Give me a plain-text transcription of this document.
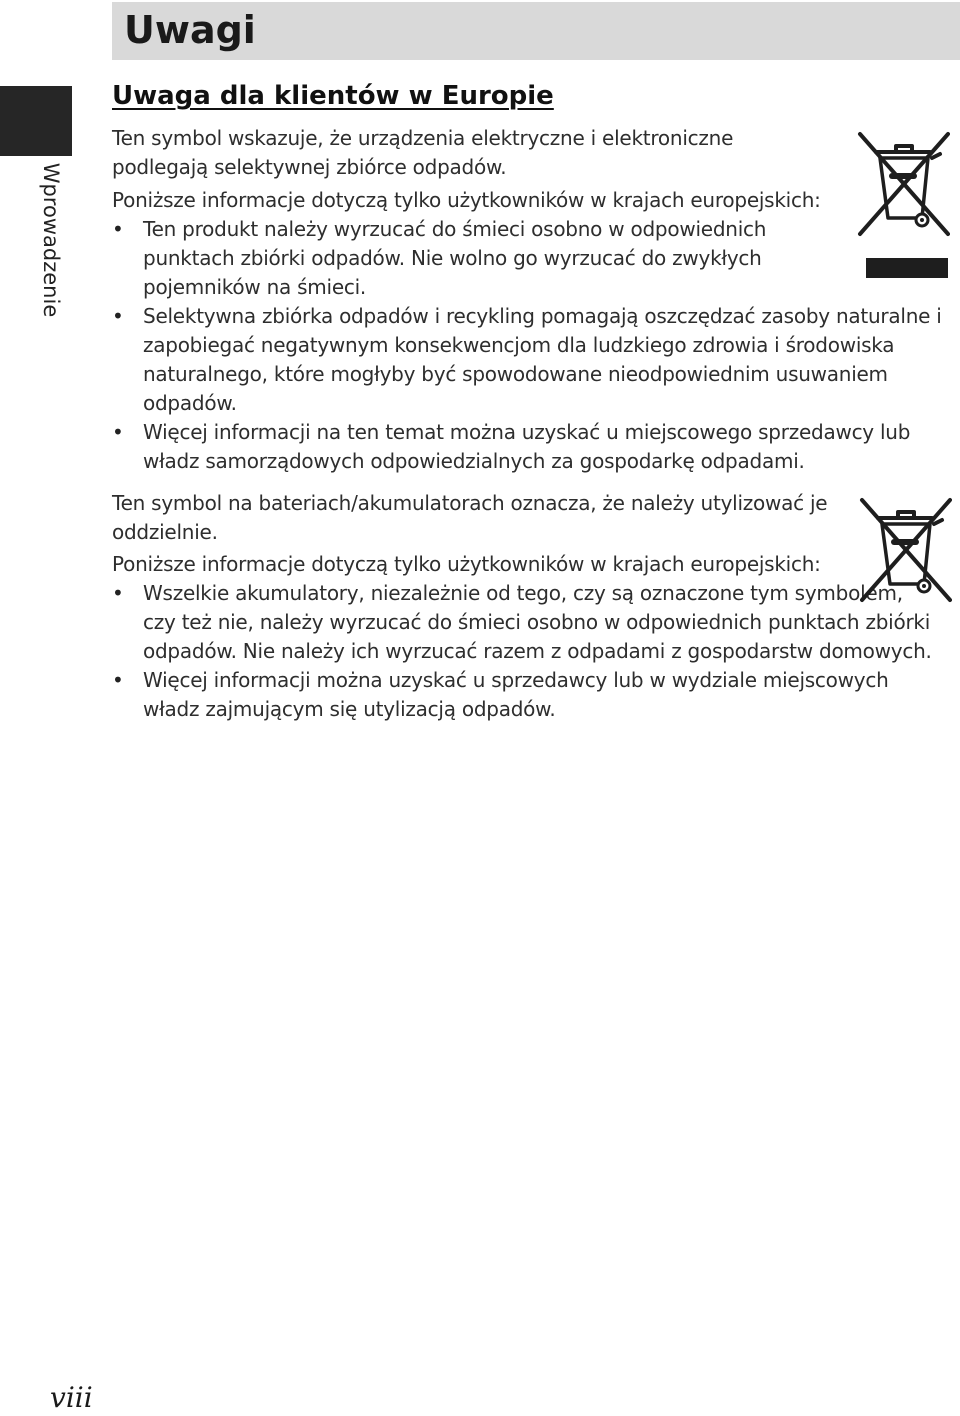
Uwagi
Wprowadzenie
Uwaga dla klientów w Europie

Ten symbol wskazuje, że urządzenia elektryczne i elektroniczne podlegają selektywnej zbiórce odpadów.

Poniższe informacje dotyczą tylko użytkowników w krajach europejskich:

• Ten produkt należy wyrzucać do śmieci osobno w odpowiednich punktach zbiórki odpadów. Nie wolno go wyrzucać do zwykłych pojemników na śmieci.
• Selektywna zbiórka odpadów i recykling pomagają oszczędzać zasoby naturalne i zapobiegać negatywnym konsekwencjom dla ludzkiego zdrowia i środowiska naturalnego, które mogłyby być spowodowane nieodpowiednim usuwaniem odpadów.
• Więcej informacji na ten temat można uzyskać u miejscowego sprzedawcy lub władz samorządowych odpowiedzialnych za gospodarkę odpadami.

Ten symbol na bateriach/akumulatorach oznacza, że należy utylizować je oddzielnie.

Poniższe informacje dotyczą tylko użytkowników w krajach europejskich:

• Wszelkie akumulatory, niezależnie od tego, czy są oznaczone tym symbolem, czy też nie, należy wyrzucać do śmieci osobno w odpowiednich punktach zbiórki odpadów. Nie należy ich wyrzucać razem z odpadami z gospodarstw domowych.
• Więcej informacji można uzyskać u sprzedawcy lub w wydziale miejscowych władz zajmującym się utylizacją odpadów.
viii
